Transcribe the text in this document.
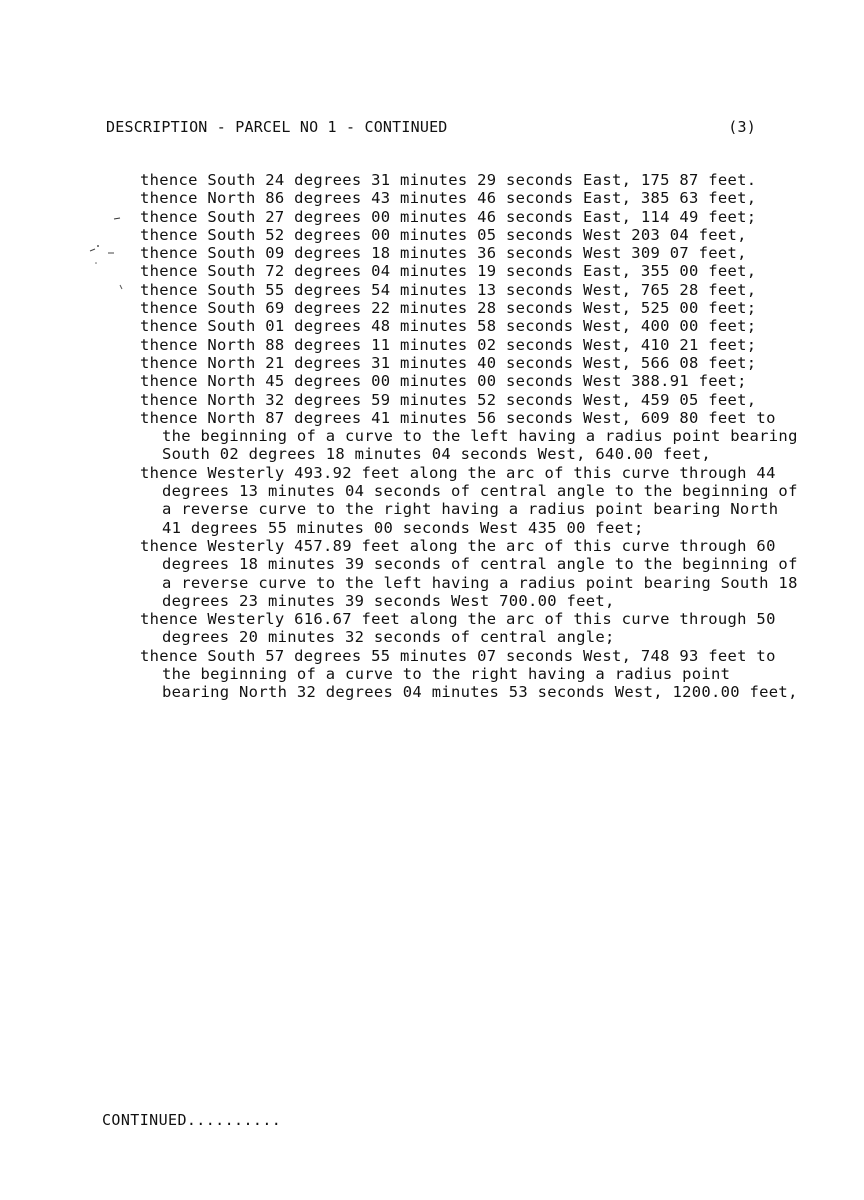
DESCRIPTION - PARCEL NO 1 - CONTINUED	(3)

thence South 24 degrees 31 minutes 29 seconds East, 175 87 feet.

thence North 86 degrees 43 minutes 46 seconds East, 385 63 feet,

thence South 27 degrees 00 minutes 46 seconds East, 114 49 feet;

thence South 52 degrees 00 minutes 05 seconds West 203 04 feet,

thence South 09 degrees 18 minutes 36 seconds West 309 07 feet,

thence South 72 degrees 04 minutes 19 seconds East, 355 00 feet,

thence South 55 degrees 54 minutes 13 seconds West, 765 28 feet,

thence South 69 degrees 22 minutes 28 seconds West, 525 00 feet;

thence South 01 degrees 48 minutes 58 seconds West, 400 00 feet;

thence North 88 degrees 11 minutes 02 seconds West, 410 21 feet;

thence North 21 degrees 31 minutes 40 seconds West, 566 08 feet;

thence North 45 degrees 00 minutes 00 seconds West 388.91 feet;

thence North 32 degrees 59 minutes 52 seconds West, 459 05 feet,

thence North 87 degrees 41 minutes 56 seconds West, 609 80 feet to the beginning of a curve to the left having a radius point bearing South 02 degrees 18 minutes 04 seconds West, 640.00 feet,

thence Westerly 493.92 feet along the arc of this curve through 44 degrees 13 minutes 04 seconds of central angle to the beginning of a reverse curve to the right having a radius point bearing North 41 degrees 55 minutes 00 seconds West 435 00 feet;

thence Westerly 457.89 feet along the arc of this curve through 60 degrees 18 minutes 39 seconds of central angle to the beginning of a reverse curve to the left having a radius point bearing South 18 degrees 23 minutes 39 seconds West 700.00 feet,

thence Westerly 616.67 feet along the arc of this curve through 50 degrees 20 minutes 32 seconds of central angle;

thence South 57 degrees 55 minutes 07 seconds West, 748 93 feet to the beginning of a curve to the right having a radius point bearing North 32 degrees 04 minutes 53 seconds West, 1200.00 feet,

CONTINUED..........
